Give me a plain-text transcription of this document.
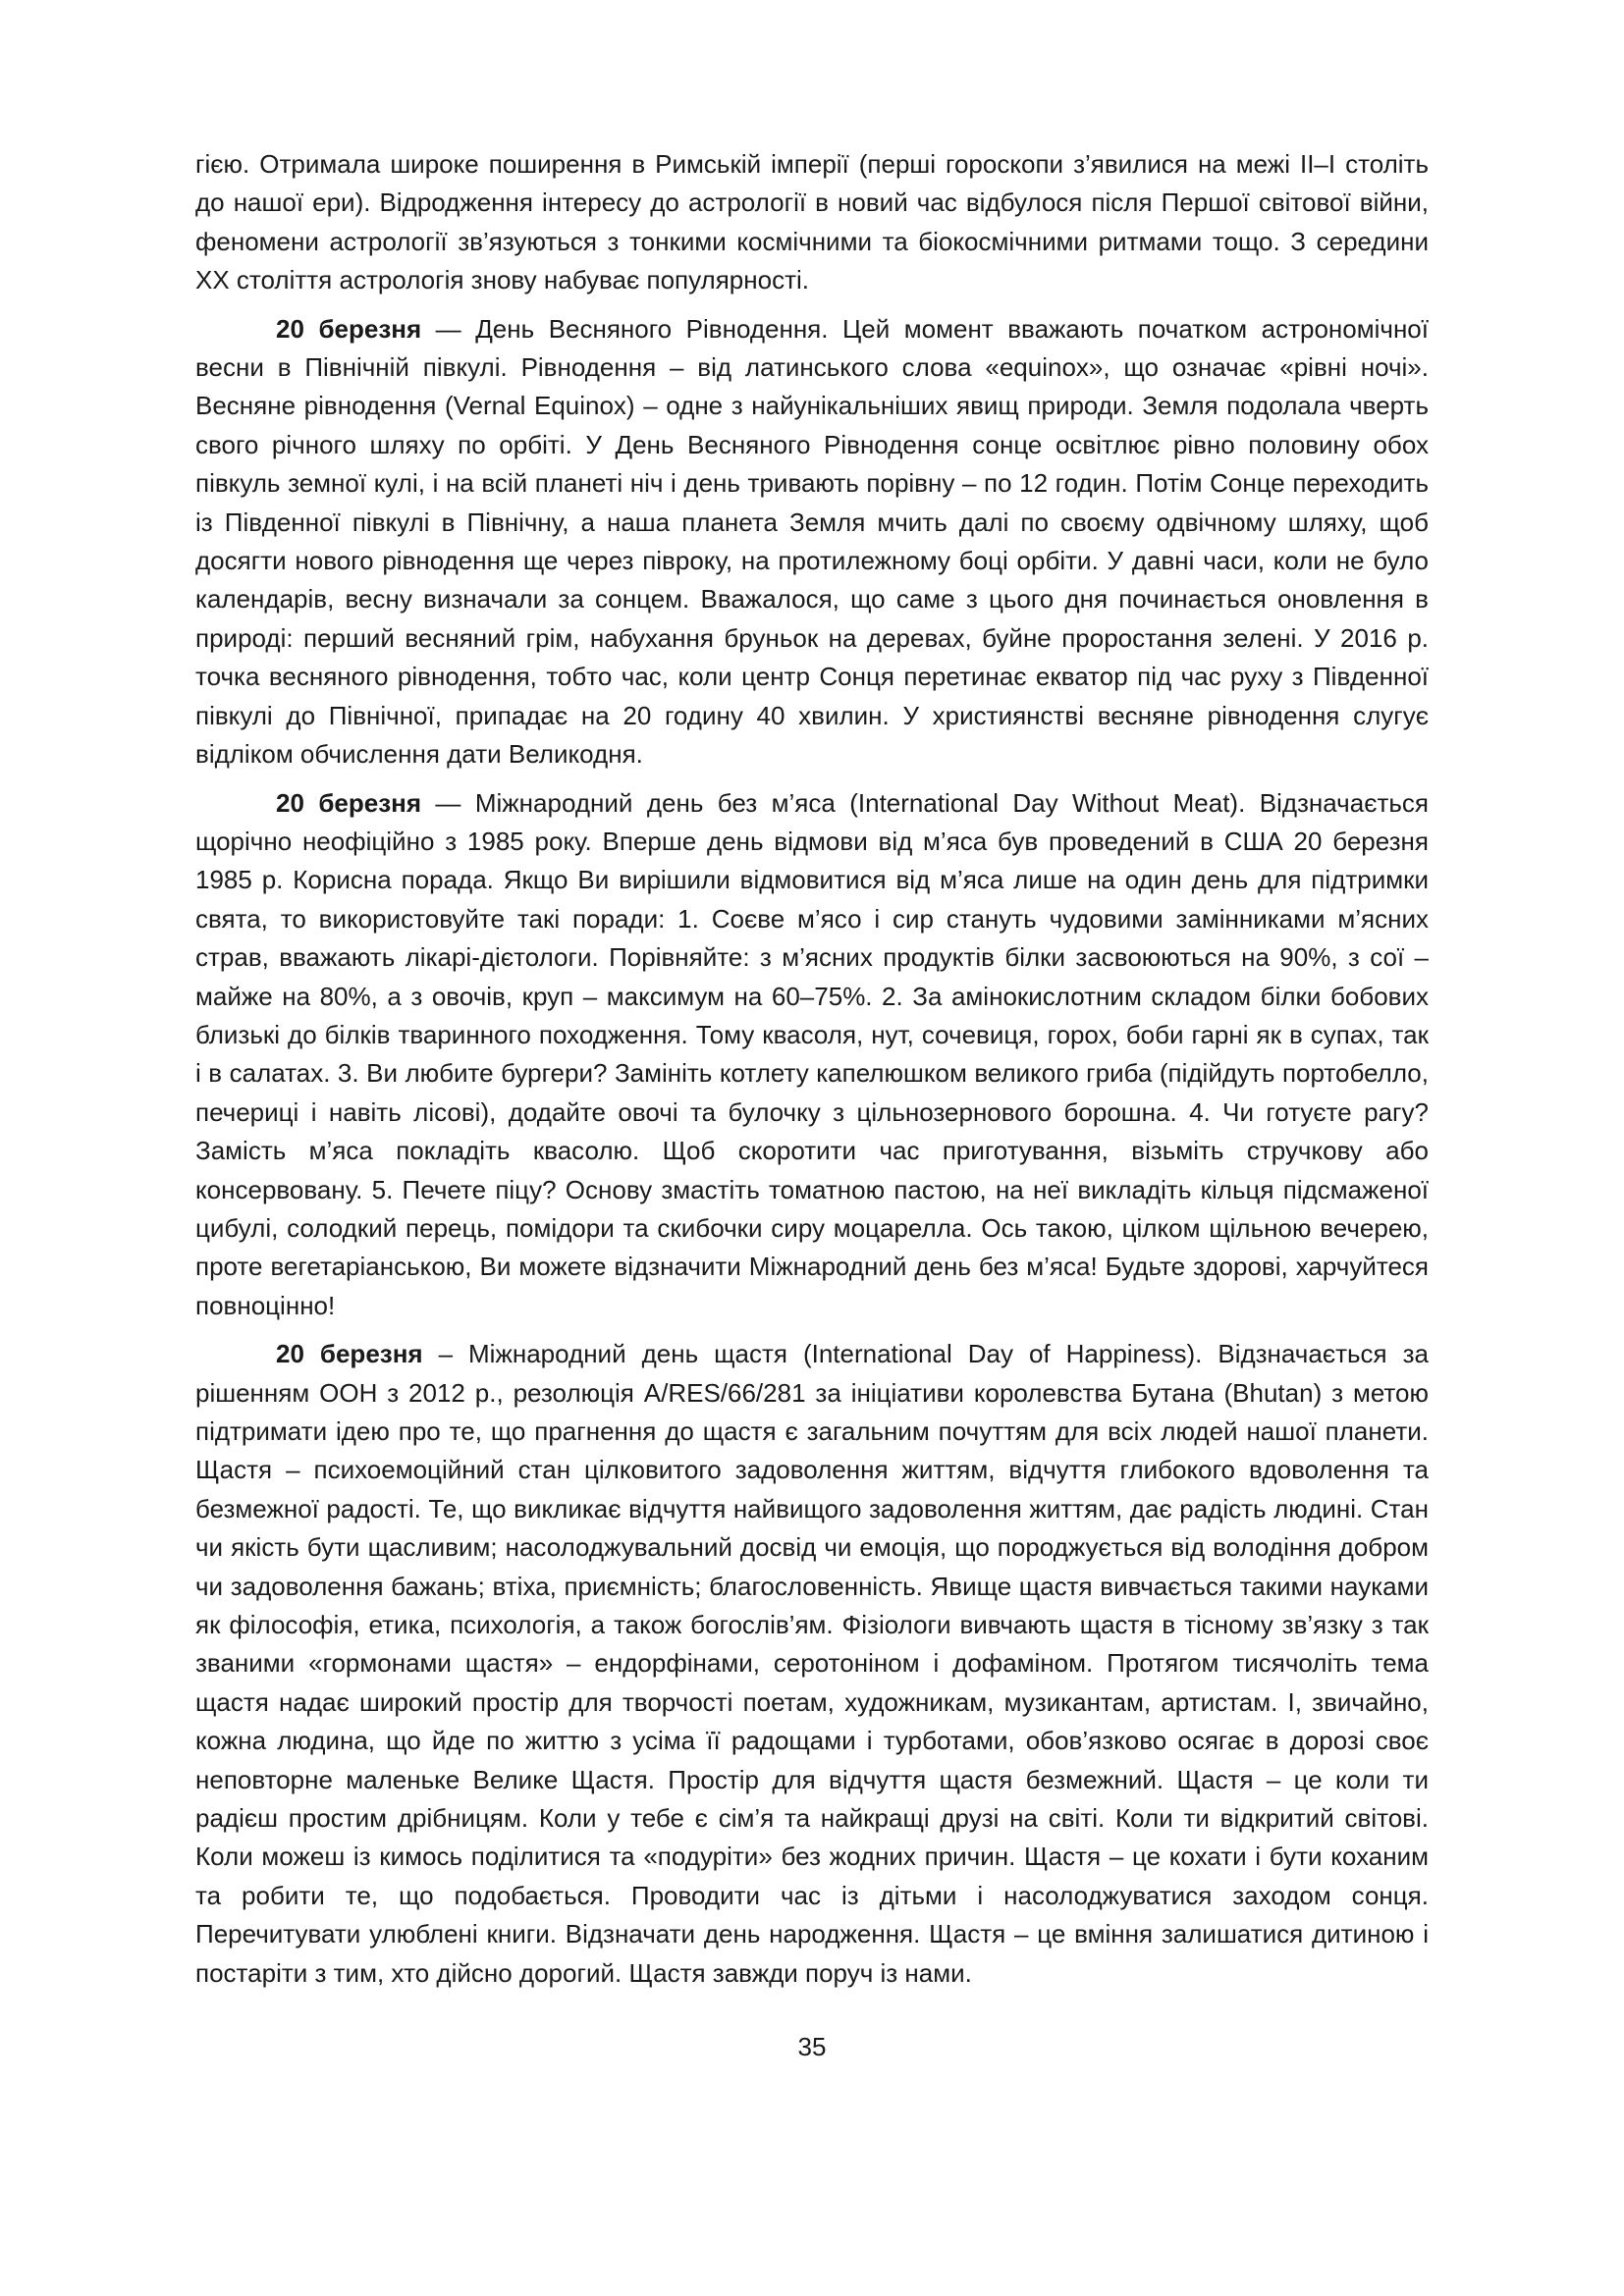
гією. Отримала широке поширення в Римській імперії (перші гороскопи з’явилися на межі ІІ–І століть до нашої ери). Відродження інтересу до астрології в новий час відбулося після Першої світової війни, феномени астрології зв’язуються з тонкими космічними та біокосмічними ритмами тощо. З середини XX століття астрологія знову набуває популярності.

20 березня — День Весняного Рівнодення. Цей момент вважають початком астрономічної весни в Північній півкулі. Рівнодення – від латинського слова «equinox», що означає «рівні ночі». Весняне рівнодення (Vernal Equinox) – одне з найунікальніших явищ природи. Земля подолала чверть свого річного шляху по орбіті. У День Весняного Рівнодення сонце освітлює рівно половину обох півкуль земної кулі, і на всій планеті ніч і день тривають порівну – по 12 годин. Потім Сонце переходить із Південної півкулі в Північну, а наша планета Земля мчить далі по своєму одвічному шляху, щоб досягти нового рівнодення ще через півроку, на протилежному боці орбіти. У давні часи, коли не було календарів, весну визначали за сонцем. Вважалося, що саме з цього дня починається оновлення в природі: перший весняний грім, набухання бруньок на деревах, буйне проростання зелені. У 2016 р. точка весняного рівнодення, тобто час, коли центр Сонця перетинає екватор під час руху з Південної півкулі до Північної, припадає на 20 годину 40 хвилин. У християнстві весняне рівнодення слугує відліком обчислення дати Великодня.

20 березня — Міжнародний день без м’яса (International Day Without Meat). Відзначається щорічно неофіційно з 1985 року. Вперше день відмови від м’яса був проведений в США 20 березня 1985 р. Корисна порада. Якщо Ви вирішили відмовитися від м’яса лише на один день для підтримки свята, то використовуйте такі поради: 1. Соєве м’ясо і сир стануть чудовими замінниками м’ясних страв, вважають лікарі-дієтологи. Порівняйте: з м’ясних продуктів білки засвоюються на 90%, з сої – майже на 80%, а з овочів, круп – максимум на 60–75%. 2. За амінокислотним складом білки бобових близькі до білків тваринного походження. Тому квасоля, нут, сочевиця, горох, боби гарні як в супах, так і в салатах. 3. Ви любите бургери? Замініть котлету капелюшком великого гриба (підійдуть портобелло, печериці і навіть лісові), додайте овочі та булочку з цільнозернового борошна. 4. Чи готуєте рагу? Замість м’яса покладіть квасолю. Щоб скоротити час приготування, візьміть стручкову або консервовану. 5. Печете піцу? Основу змастіть томатною пастою, на неї викладіть кільця підсмаженої цибулі, солодкий перець, помідори та скибочки сиру моцарелла. Ось такою, цілком щільною вечерею, проте вегетаріанською, Ви можете відзначити Міжнародний день без м’яса! Будьте здорові, харчуйтеся повноцінно!

20 березня – Міжнародний день щастя (International Day of Happiness). Відзначається за рішенням ООН з 2012 р., резолюція A/RES/66/281 за ініціативи королевства Бутана (Bhutan) з метою підтримати ідею про те, що прагнення до щастя є загальним почуттям для всіх людей нашої планети. Щастя – психоемоційний стан цілковитого задоволення життям, відчуття глибокого вдоволення та безмежної радості. Те, що викликає відчуття найвищого задоволення життям, дає радість людині. Стан чи якість бути щасливим; насолоджувальний досвід чи емоція, що породжується від володіння добром чи задоволення бажань; втіха, приємність; благословенність. Явище щастя вивчається такими науками як філософія, етика, психологія, а також богослів’ям. Фізіологи вивчають щастя в тісному зв’язку з так званими «гормонами щастя» – ендорфінами, серотоніном і дофаміном. Протягом тисячоліть тема щастя надає широкий простір для творчості поетам, художникам, музикантам, артистам. І, звичайно, кожна людина, що йде по життю з усіма її радощами і турботами, обов’язково осягає в дорозі своє неповторне маленьке Велике Щастя. Простір для відчуття щастя безмежний. Щастя – це коли ти радієш простим дрібницям. Коли у тебе є сім’я та найкращі друзі на світі. Коли ти відкритий світові. Коли можеш із кимось поділитися та «подуріти» без жодних причин. Щастя – це кохати і бути коханим та робити те, що подобається. Проводити час із дітьми і насолоджуватися заходом сонця. Перечитувати улюблені книги. Відзначати день народження. Щастя – це вміння залишатися дитиною і постаріти з тим, хто дійсно дорогий. Щастя завжди поруч із нами.

35
